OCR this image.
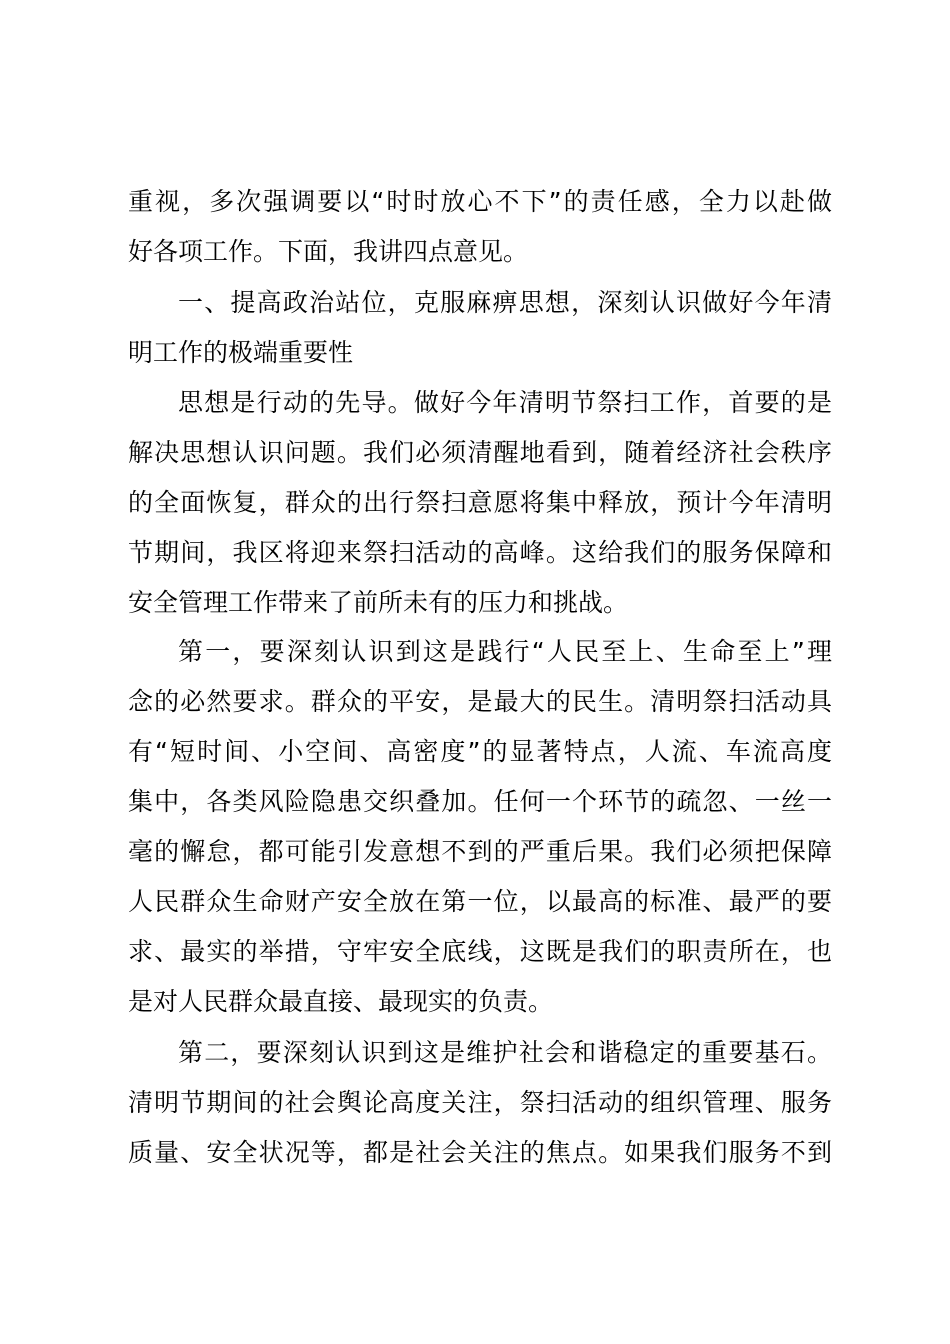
重视，多次强调要以“时时放心不下”的责任感，全力以赴做
好各项工作。下面，我讲四点意见。
一、提高政治站位，克服麻痹思想，深刻认识做好今年清
明工作的极端重要性
思想是行动的先导。做好今年清明节祭扫工作，首要的是
解决思想认识问题。我们必须清醒地看到，随着经济社会秩序
的全面恢复，群众的出行祭扫意愿将集中释放，预计今年清明
节期间，我区将迎来祭扫活动的高峰。这给我们的服务保障和
安全管理工作带来了前所未有的压力和挑战。
第一，要深刻认识到这是践行“人民至上、生命至上”理
念的必然要求。群众的平安，是最大的民生。清明祭扫活动具
有“短时间、小空间、高密度”的显著特点，人流、车流高度
集中，各类风险隐患交织叠加。任何一个环节的疏忽、一丝一
毫的懈怠，都可能引发意想不到的严重后果。我们必须把保障
人民群众生命财产安全放在第一位，以最高的标准、最严的要
求、最实的举措，守牢安全底线，这既是我们的职责所在，也
是对人民群众最直接、最现实的负责。
第二，要深刻认识到这是维护社会和谐稳定的重要基石。
清明节期间的社会舆论高度关注，祭扫活动的组织管理、服务
质量、安全状况等，都是社会关注的焦点。如果我们服务不到
